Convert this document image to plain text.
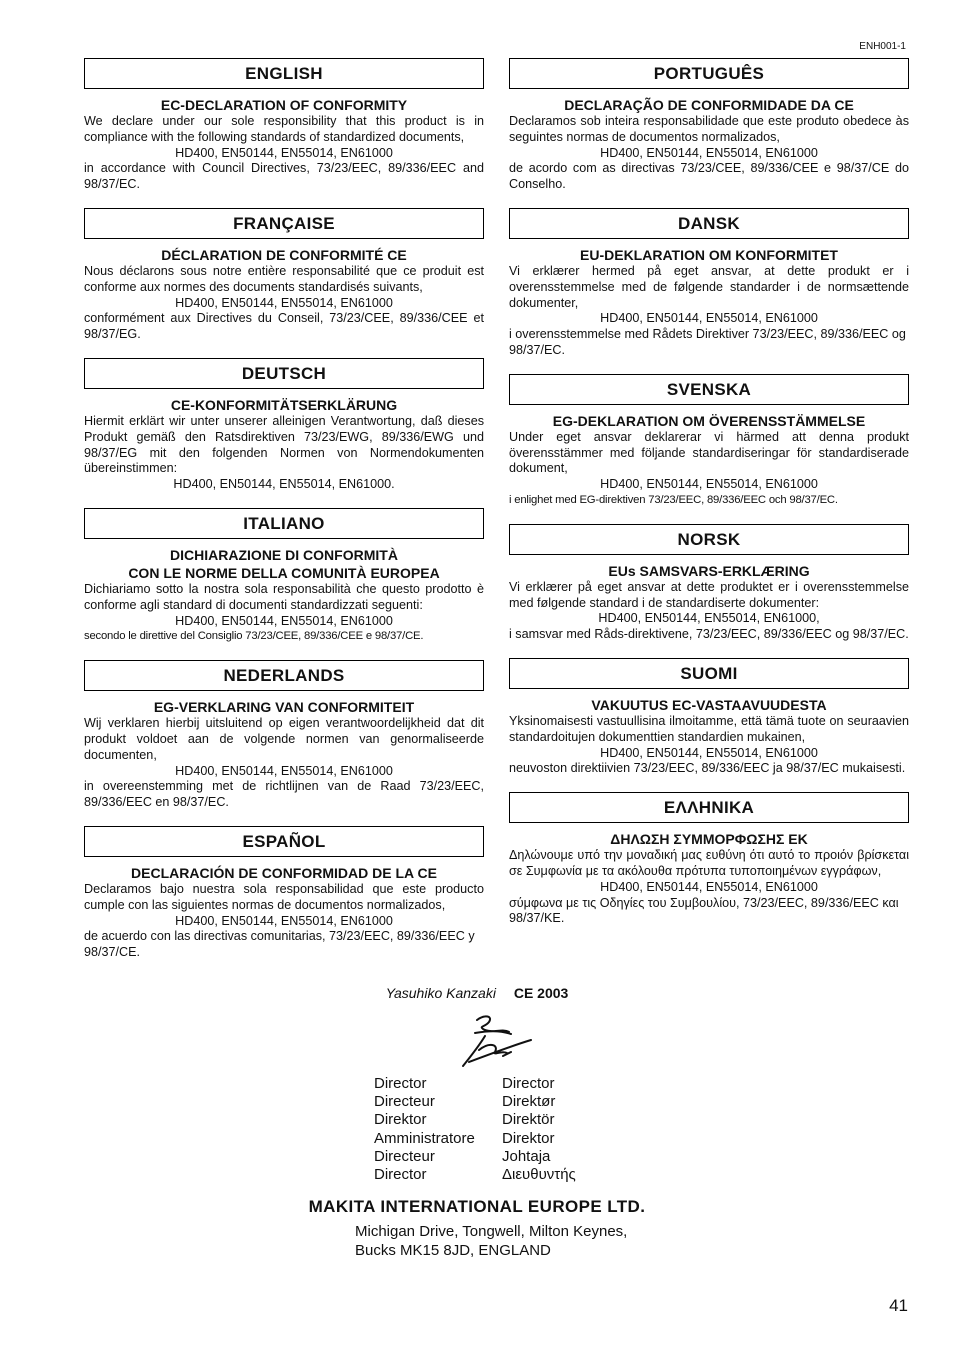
ENH001-1
ENGLISH
EC-DECLARATION OF CONFORMITY
We declare under our sole responsibility that this product is in compliance with the following standards of standardized documents,
HD400, EN50144, EN55014, EN61000
in accordance with Council Directives, 73/23/EEC, 89/336/EEC and 98/37/EC.
FRANÇAISE
DÉCLARATION DE CONFORMITÉ CE
Nous déclarons sous notre entière responsabilité que ce produit est conforme aux normes des documents standardisés suivants,
HD400, EN50144, EN55014, EN61000
conformément aux Directives du Conseil, 73/23/CEE, 89/336/CEE et 98/37/EG.
DEUTSCH
CE-KONFORMITÄTSERKLÄRUNG
Hiermit erklärt wir unter unserer alleinigen Verantwortung, daß dieses Produkt gemäß den Ratsdirektiven 73/23/EWG, 89/336/EWG und 98/37/EG mit den folgenden Normen von Normendokumenten übereinstimmen:
HD400, EN50144, EN55014, EN61000.
ITALIANO
DICHIARAZIONE DI CONFORMITÀ
CON LE NORME DELLA COMUNITÀ EUROPEA
Dichiariamo sotto la nostra sola responsabilità che questo prodotto è conforme agli standard di documenti standardizzati seguenti:
HD400, EN50144, EN55014, EN61000
secondo le direttive del Consiglio 73/23/CEE, 89/336/CEE e 98/37/CE.
NEDERLANDS
EG-VERKLARING VAN CONFORMITEIT
Wij verklaren hierbij uitsluitend op eigen verantwoordelijkheid dat dit produkt voldoet aan de volgende normen van genormaliseerde documenten,
HD400, EN50144, EN55014, EN61000
in overeenstemming met de richtlijnen van de Raad 73/23/EEC, 89/336/EEC en 98/37/EC.
ESPAÑOL
DECLARACIÓN DE CONFORMIDAD DE LA CE
Declaramos bajo nuestra sola responsabilidad que este producto cumple con las siguientes normas de documentos normalizados,
HD400, EN50144, EN55014, EN61000
de acuerdo con las directivas comunitarias, 73/23/EEC, 89/336/EEC y 98/37/CE.
PORTUGUÊS
DECLARAÇÃO DE CONFORMIDADE DA CE
Declaramos sob inteira responsabilidade que este produto obedece às seguintes normas de documentos normalizados,
HD400, EN50144, EN55014, EN61000
de acordo com as directivas 73/23/CEE, 89/336/CEE e 98/37/CE do Conselho.
DANSK
EU-DEKLARATION OM KONFORMITET
Vi erklærer hermed på eget ansvar, at dette produkt er i overensstemmelse med de følgende standarder i de normsættende dokumenter,
HD400, EN50144, EN55014, EN61000
i overensstemmelse med Rådets Direktiver 73/23/EEC, 89/336/EEC og 98/37/EC.
SVENSKA
EG-DEKLARATION OM ÖVERENSSTÄMMELSE
Under eget ansvar deklarerar vi härmed att denna produkt överensstämmer med följande standardiseringar för standardiserade dokument,
HD400, EN50144, EN55014, EN61000
i enlighet med EG-direktiven 73/23/EEC, 89/336/EEC och 98/37/EC.
NORSK
EUs SAMSVARS-ERKLÆRING
Vi erklærer på eget ansvar at dette produktet er i overensstemmelse med følgende standard i de standardiserte dokumenter:
HD400, EN50144, EN55014, EN61000,
i samsvar med Råds-direktivene, 73/23/EEC, 89/336/EEC og 98/37/EC.
SUOMI
VAKUUTUS EC-VASTAAVUUDESTA
Yksinomaisesti vastuullisina ilmoitamme, että tämä tuote on seuraavien standardoitujen dokumenttien standardien mukainen,
HD400, EN50144, EN55014, EN61000
neuvoston direktiivien 73/23/EEC, 89/336/EEC ja 98/37/EC mukaisesti.
ΕΛΛΗΝΙΚΑ
ΔΗΛΩΣΗ ΣΥΜΜΟΡΦΩΣΗΣ ΕΚ
Δηλώνουμε υπό την μοναδική μας ευθύνη ότι αυτό το προιόν βρίσκεται σε Συμφωνία με τα ακόλουθα πρότυπα τυποποιημένων εγγράφων,
HD400, EN50144, EN55014, EN61000
σύμφωνα με τις Οδηγίες του Συμβουλίου, 73/23/EEC, 89/336/EEC και 98/37/KE.
Yasuhiko Kanzaki CE 2003
Director	Director
Directeur	Direktør
Direktor	Direktör
Amministratore	Direktor
Directeur	Johtaja
Director	Διευθυντής
MAKITA INTERNATIONAL EUROPE LTD.
Michigan Drive, Tongwell, Milton Keynes,
Bucks MK15 8JD, ENGLAND
41
